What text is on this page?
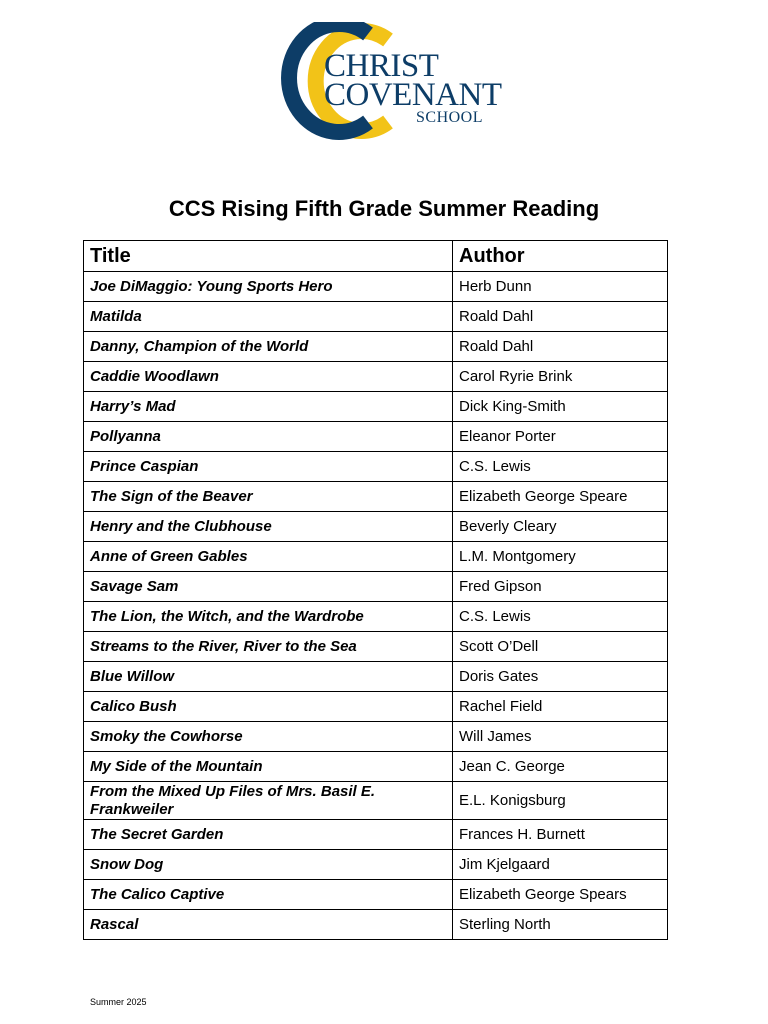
CHRIST
COVENANT
SCHOOL
CCS Rising Fifth Grade Summer Reading
Title	Author
Joe DiMaggio: Young Sports Hero	Herb Dunn
Matilda	Roald Dahl
Danny, Champion of the World	Roald Dahl
Caddie Woodlawn	Carol Ryrie Brink
Harry’s Mad	Dick King-Smith
Pollyanna	Eleanor Porter
Prince Caspian	C.S. Lewis
The Sign of the Beaver	Elizabeth George Speare
Henry and the Clubhouse	Beverly Cleary
Anne of Green Gables	L.M. Montgomery
Savage Sam	Fred Gipson
The Lion, the Witch, and the Wardrobe	C.S. Lewis
Streams to the River, River to the Sea	Scott O’Dell
Blue Willow	Doris Gates
Calico Bush	Rachel Field
Smoky the Cowhorse	Will James
My Side of the Mountain	Jean C. George
From the Mixed Up Files of Mrs. Basil E. Frankweiler	E.L. Konigsburg
The Secret Garden	Frances H. Burnett
Snow Dog	Jim Kjelgaard
The Calico Captive	Elizabeth George Spears
Rascal	Sterling North
Summer 2025
